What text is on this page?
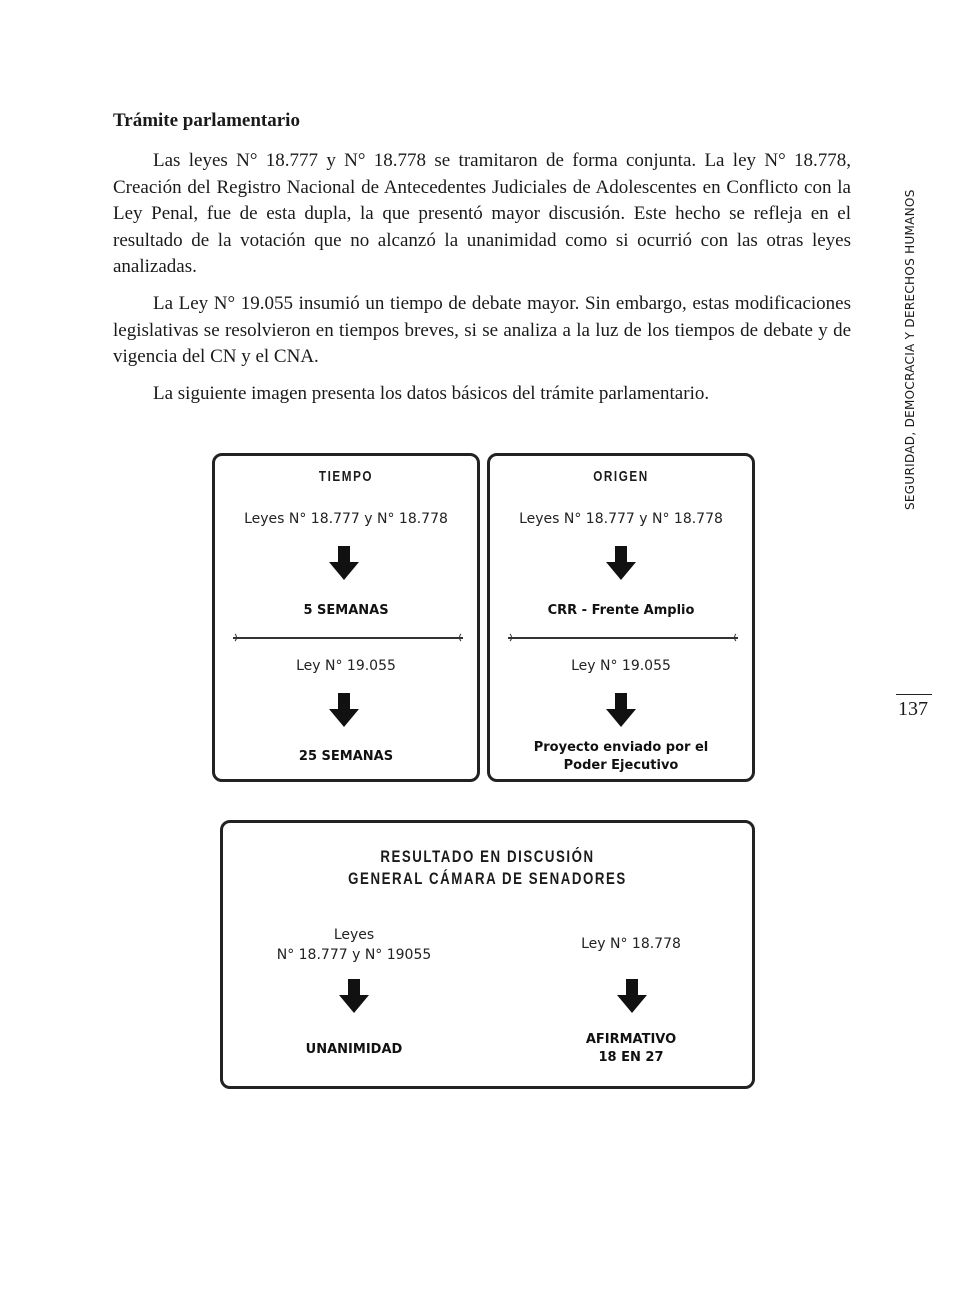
Trámite parlamentario
Las leyes N° 18.777 y N° 18.778 se tramitaron de forma conjunta. La ley N° 18.778, Creación del Registro Nacional de Antecedentes Judiciales de Adolescentes en Conflicto con la Ley Penal, fue de esta dupla, la que presentó mayor discusión. Este hecho se refleja en el resultado de la votación que no alcanzó la unanimidad como si ocurrió con las otras leyes analizadas.
La Ley N° 19.055 insumió un tiempo de debate mayor. Sin embargo, estas modificaciones legislativas se resolvieron en tiempos breves, si se analiza a la luz de los tiempos de debate y de vigencia del CN y el CNA.
La siguiente imagen presenta los datos básicos del trámite parlamentario.	SEGURIDAD, DEMOCRACIA Y DERECHOS HUMANOS
137
TIEMPO
Leyes N° 18.777 y N° 18.778
5 SEMANAS
Ley N° 19.055
25 SEMANAS
ORIGEN
Leyes N° 18.777 y N° 18.778
CRR - Frente Amplio
Ley N° 19.055
Proyecto enviado por el
Poder Ejecutivo
RESULTADO EN DISCUSIÓN
GENERAL CÁMARA DE SENADORES
Leyes
N° 18.777 y N° 19055
UNANIMIDAD
Ley N° 18.778
AFIRMATIVO
18 EN 27
